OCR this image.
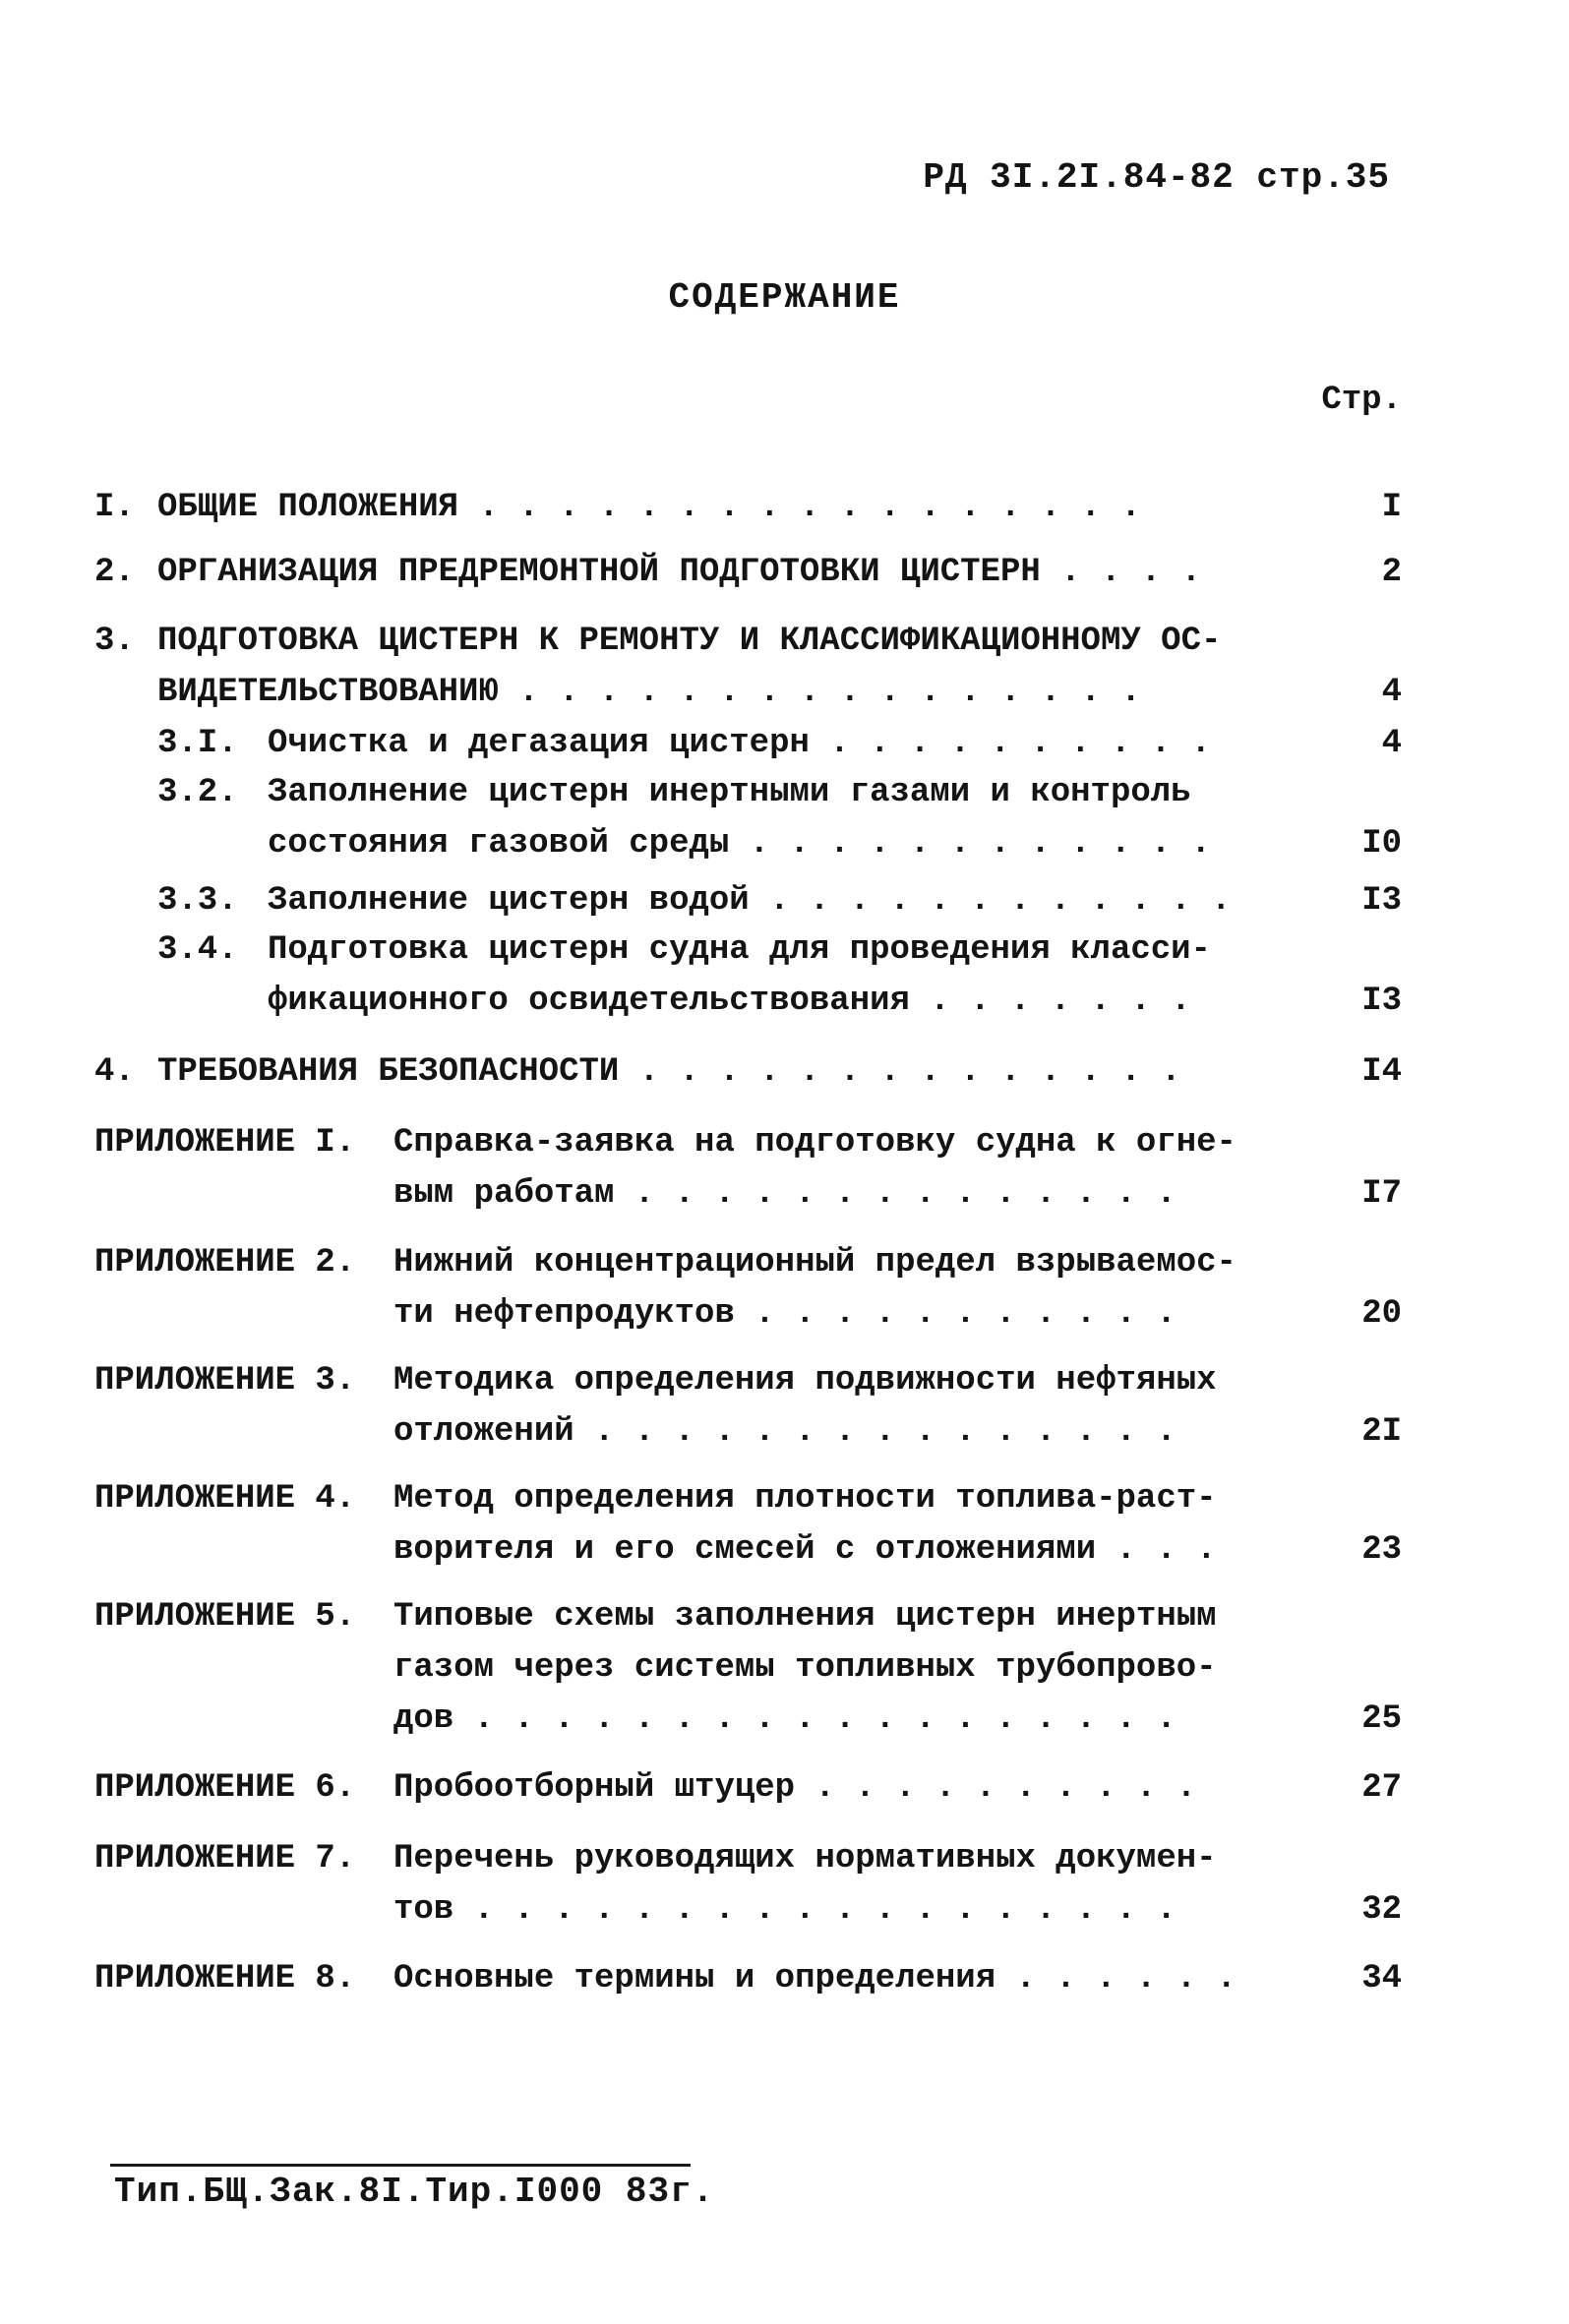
РД 3I.2I.84-82 стр.35
СОДЕРЖАНИЕ
Стр.
I. ОБЩИЕ ПОЛОЖЕНИЯ . . . . . . . . . . . . . . . . .	I
2. ОРГАНИЗАЦИЯ ПРЕДРЕМОНТНОЙ ПОДГОТОВКИ ЦИСТЕРН . . . .	2
3. ПОДГОТОВКА ЦИСТЕРН К РЕМОНТУ И КЛАССИФИКАЦИОННОМУ ОС-
ВИДЕТЕЛЬСТВОВАНИЮ . . . . . . . . . . . . . . . .	4
3.I. Очистка и дегазация цистерн . . . . . . . . . .	4
3.2. Заполнение цистерн инертными газами и контроль
состояния газовой среды . . . . . . . . . . . .	I0
3.3. Заполнение цистерн водой . . . . . . . . . . . .	I3
3.4. Подготовка цистерн судна для проведения класси-
фикационного освидетельствования . . . . . . .	I3
4. ТРЕБОВАНИЯ БЕЗОПАСНОСТИ . . . . . . . . . . . . . .	I4
ПРИЛОЖЕНИЕ I. Справка-заявка на подготовку судна к огне-
вым работам . . . . . . . . . . . . . .	I7
ПРИЛОЖЕНИЕ 2. Нижний концентрационный предел взрываемос-
ти нефтепродуктов . . . . . . . . . . .	20
ПРИЛОЖЕНИЕ 3. Методика определения подвижности нефтяных
отложений . . . . . . . . . . . . . . .	2I
ПРИЛОЖЕНИЕ 4. Метод определения плотности топлива-раст-
ворителя и его смесей с отложениями . . .	23
ПРИЛОЖЕНИЕ 5. Типовые схемы заполнения цистерн инертным
газом через системы топливных трубопрово-
дов . . . . . . . . . . . . . . . . . .	25
ПРИЛОЖЕНИЕ 6. Пробоотборный штуцер . . . . . . . . . .	27
ПРИЛОЖЕНИЕ 7. Перечень руководящих нормативных докумен-
тов . . . . . . . . . . . . . . . . . .	32
ПРИЛОЖЕНИЕ 8. Основные термины и определения . . . . . .	34
Тип.БЩ.Зак.8I.Тир.I000 83г.
